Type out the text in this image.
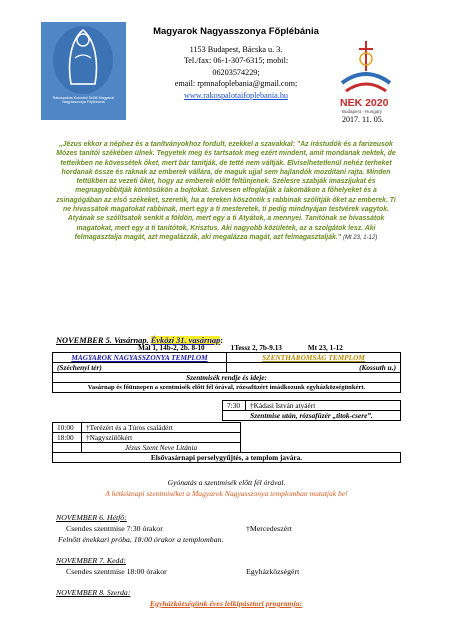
Rákospalota Kolonáni Szőlő Magyarok Nagyasszonya Főplébánia
Magyarok Nagyasszonya Főplébánia
1153 Budapest, Bácska u. 3.
Tel./fax: 06-1-307-6315; mobil:
06203574229;
email: rpmnafoplebania@gmail.com;
www.rakospalotaifoplebania.hu
NEK 2020
Budapest - Hungary
2017. 11. 05.
„Jézus ekkor a néphez és a tanítványokhoz fordult, ezekkel a szavakkal: "Az írástudók és a farizeusok Mózes tanítói székében ülnek. Tegyetek meg és tartsatok meg ezért mindent, amit mondanak nektek, de tetteikben ne kövessétek őket, mert bár tanítják, de tetté nem váltják. Elviselhetetlenül nehéz terheket hordanak össze és raknak az emberek vállára, de maguk ujjal sem hajlandók mozdítani rajta. Minden tettükben az vezeti őket, hogy az emberek előtt feltűnjenek. Szélesre szabják imaszíjukat és megnagyobbítják köntösükön a bojtokat. Szívesen elfoglalják a lakomákon a főhelyeket és a zsinagógában az első székeket, szeretik, ha a tereken köszöntik s rabbinak szólítják őket az emberek. Ti ne hívassátok magatokat rabbinak, mert egy a ti mesteretek, ti pedig mindnyájan testvérek vagytok. Atyának se szólítsatok senkit a földön, mert egy a ti Atyátok, a mennyei. Tanítónak se hívassátok magatokat, mert egy a ti tanítótok, Krisztus. Aki nagyobb közületek, az a szolgátok lesz. Aki felmagasztalja magát, azt megalázzák, aki megalázza magát, azt felmagasztalják." (Mt 23, 1-12)
NOVEMBER 5. Vasárnap. Évközi 31. vasárnap:
Mal 1, 14b-2, 2b. 8-10	1Tessz 2, 7b-9.13	Mt 23, 1-12
MAGYAROK NAGYASSZONYA TEMPLOM	SZENTHÁROMSÁG TEMPLOM
(Széchenyi tér)	(Kossuth u.)
Szentmisék rendje és ideje:	
Vasárnap és főünnepen a szentmisék előtt fél órával, rózsafüzért imádkozunk egyházközségünkért.	
7:30	†Kádasi István atyáért
Szentmise után, rózsafüzér „titok-csere”.
10:00	†Terézért és a Túros családért	
18:00	†Nagyszülőkért	
	Jézus Szent Neve Litánia	
Elsővasárnapi perselygyűjtés, a templom javára.		
Gyónatás a szentmisék előtt fél órával.
A hétköznapi szentmiséket a Magyarok Nagyasszonya templomban mutatjuk be!
NOVEMBER 6. Hétfő:
Csendes szentmise 7:30 órakor	†Mercedeszért
Felnőtt énekkari próba, 18:00 órakor a templomban.
NOVEMBER 7. Kedd:
Csendes szentmise 18:00 órakor	Egyházközségért
NOVEMBER 8. Szerda:
Egyházközségünk éves lelkipásztori programja:
